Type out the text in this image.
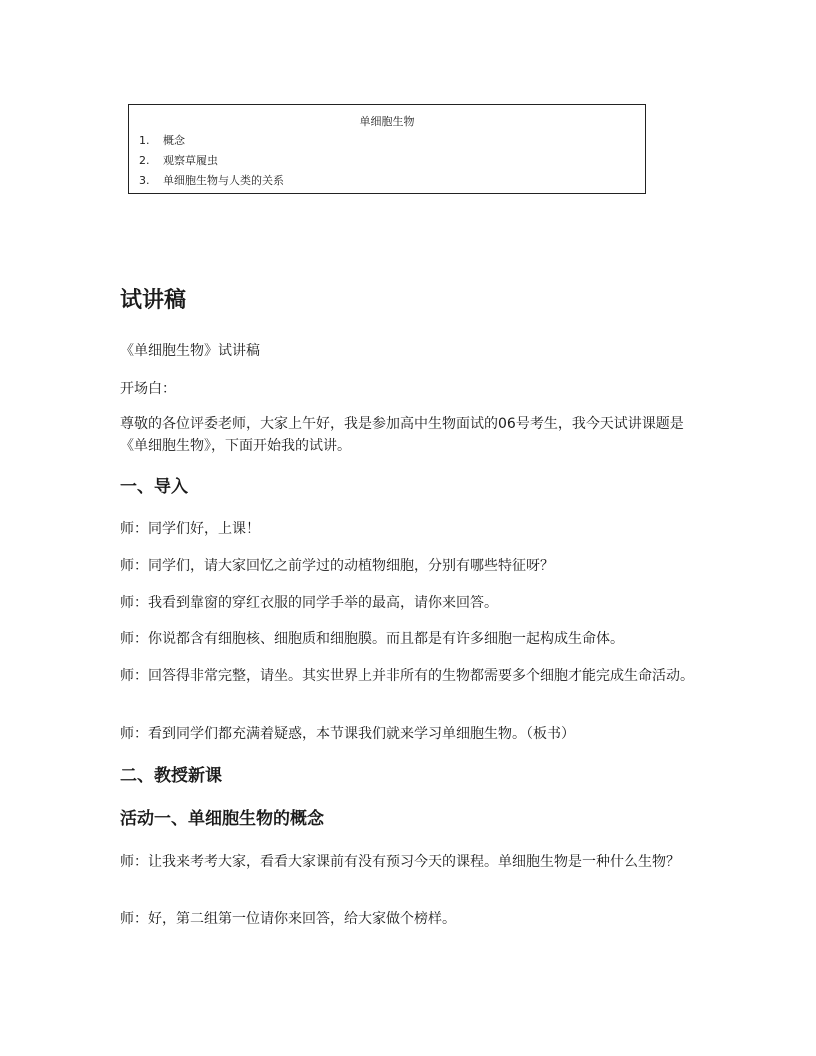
单细胞生物
1. 概念
2. 观察草履虫
3. 单细胞生物与人类的关系
试讲稿

《单细胞生物》试讲稿

开场白：

尊敬的各位评委老师，大家上午好，我是参加高中生物面试的06号考生，我今天试讲课题是《单细胞生物》，下面开始我的试讲。

一、导入

师：同学们好，上课！

师：同学们，请大家回忆之前学过的动植物细胞，分别有哪些特征呀？

师：我看到靠窗的穿红衣服的同学手举的最高，请你来回答。

师：你说都含有细胞核、细胞质和细胞膜。而且都是有许多细胞一起构成生命体。

师：回答得非常完整，请坐。其实世界上并非所有的生物都需要多个细胞才能完成生命活动。

师：看到同学们都充满着疑惑，本节课我们就来学习单细胞生物。（板书）

二、教授新课
活动一、单细胞生物的概念

师：让我来考考大家，看看大家课前有没有预习今天的课程。单细胞生物是一种什么生物？

师：好，第二组第一位请你来回答，给大家做个榜样。
